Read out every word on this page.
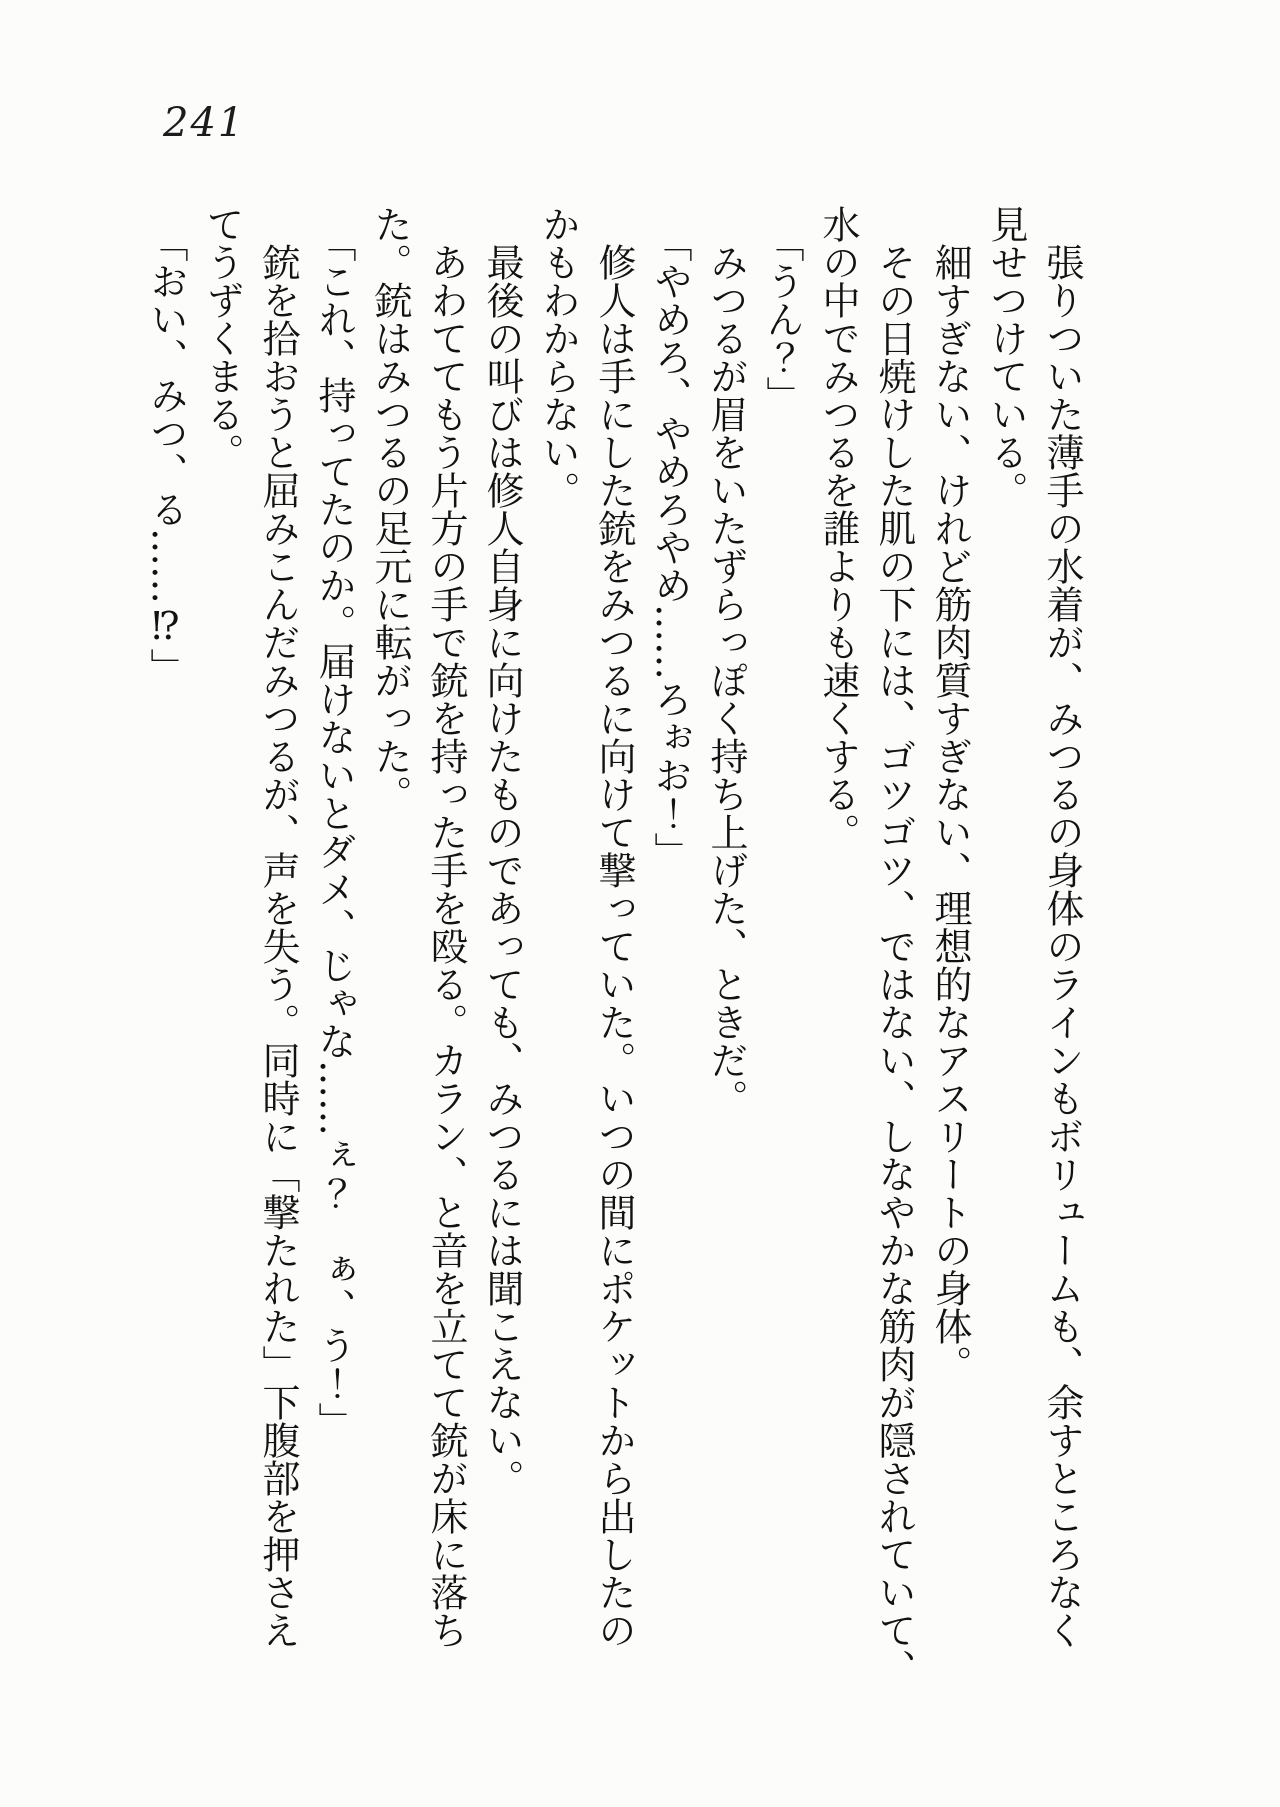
241

張りついた薄手の水着が、みつるの身体のラインもボリュームも、余すところなく

見せつけている。

細すぎない、けれど筋肉質すぎない、理想的なアスリートの身体。

その日焼けした肌の下には、ゴツゴツ、ではない、しなやかな筋肉が隠されていて、

水の中でみつるを誰よりも速くする。

「うん？」

みつるが眉をいたずらっぽく持ち上げた、ときだ。

「やめろ、やめろやめ……ろぉお！」

修人は手にした銃をみつるに向けて撃っていた。いつの間にポケットから出したの

かもわからない。

最後の叫びは修人自身に向けたものであっても、みつるには聞こえない。

あわててもう片方の手で銃を持った手を殴る。カラン、と音を立てて銃が床に落ち

た。銃はみつるの足元に転がった。

「これ、持ってたのか。届けないとダメ、じゃな……ぇ？　ぁ、う！」

銃を拾おうと屈みこんだみつるが、声を失う。同時に「撃たれた」下腹部を押さえ

てうずくまる。

「おい、みつ、る……⁉」
